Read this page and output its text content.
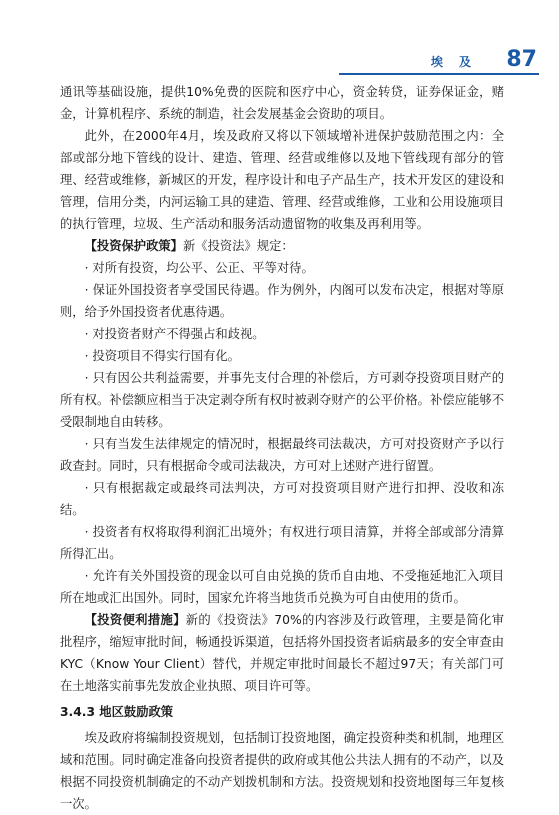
埃 及 87

通讯等基础设施，提供10%免费的医院和医疗中心，资金转贷，证券保证金，赌金，计算机程序、系统的制造，社会发展基金会资助的项目。

此外，在2000年4月，埃及政府又将以下领域增补进保护鼓励范围之内：全部或部分地下管线的设计、建造、管理、经营或维修以及地下管线现有部分的管理、经营或维修，新城区的开发，程序设计和电子产品生产，技术开发区的建设和管理，信用分类，内河运输工具的建造、管理、经营或维修，工业和公用设施项目的执行管理，垃圾、生产活动和服务活动遗留物的收集及再利用等。

【投资保护政策】新《投资法》规定：

· 对所有投资，均公平、公正、平等对待。

· 保证外国投资者享受国民待遇。作为例外，内阁可以发布决定，根据对等原则，给予外国投资者优惠待遇。

· 对投资者财产不得强占和歧视。

· 投资项目不得实行国有化。

· 只有因公共利益需要，并事先支付合理的补偿后，方可剥夺投资项目财产的所有权。补偿额应相当于决定剥夺所有权时被剥夺财产的公平价格。补偿应能够不受限制地自由转移。

· 只有当发生法律规定的情况时，根据最终司法裁决，方可对投资财产予以行政查封。同时，只有根据命令或司法裁决，方可对上述财产进行留置。

· 只有根据裁定或最终司法判决，方可对投资项目财产进行扣押、没收和冻结。

· 投资者有权将取得利润汇出境外；有权进行项目清算，并将全部或部分清算所得汇出。

· 允许有关外国投资的现金以可自由兑换的货币自由地、不受拖延地汇入项目所在地或汇出国外。同时，国家允许将当地货币兑换为可自由使用的货币。

【投资便利措施】新的《投资法》70%的内容涉及行政管理，主要是简化审批程序，缩短审批时间，畅通投诉渠道，包括将外国投资者诟病最多的安全审查由KYC（Know Your Client）替代，并规定审批时间最长不超过97天；有关部门可在土地落实前事先发放企业执照、项目许可等。

3.4.3 地区鼓励政策

埃及政府将编制投资规划，包括制订投资地图，确定投资种类和机制，地理区域和范围。同时确定准备向投资者提供的政府或其他公共法人拥有的不动产，以及根据不同投资机制确定的不动产划拨机制和方法。投资规划和投资地图每三年复核一次。
